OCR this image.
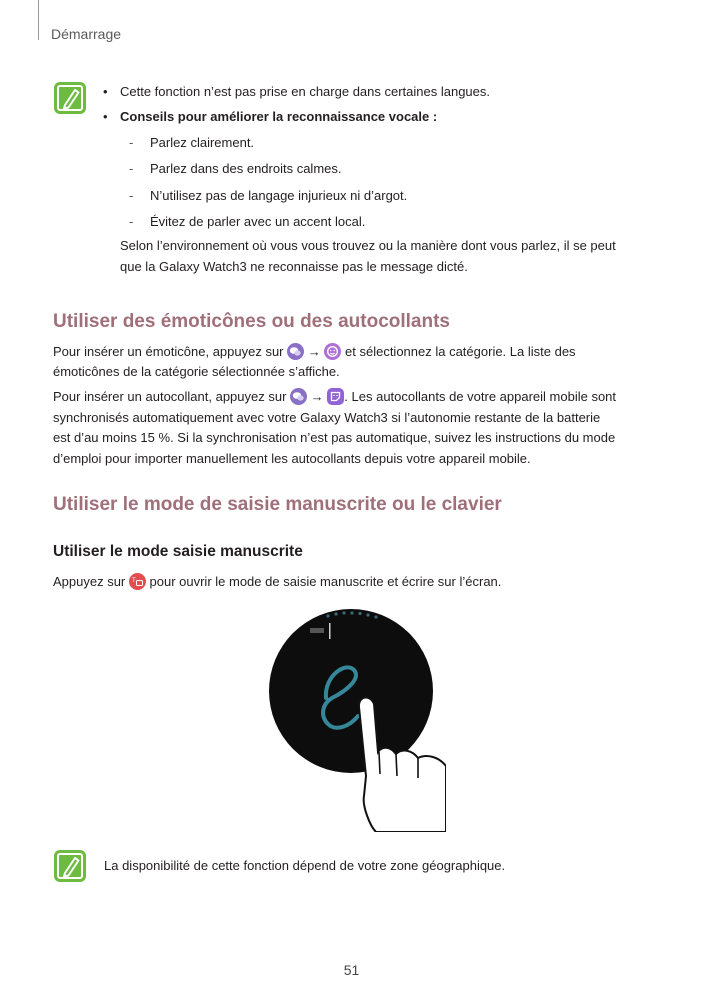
Démarrage
• Cette fonction n’est pas prise en charge dans certaines langues.
• Conseils pour améliorer la reconnaissance vocale :
- Parlez clairement.
- Parlez dans des endroits calmes.
- N’utilisez pas de langage injurieux ni d’argot.
- Évitez de parler avec un accent local.
Selon l’environnement où vous vous trouvez ou la manière dont vous parlez, il se peut
que la Galaxy Watch3 ne reconnaisse pas le message dicté.
Utiliser des émoticônes ou des autocollants
Pour insérer un émoticône, appuyez sur → et sélectionnez la catégorie. La liste des
émoticônes de la catégorie sélectionnée s’affiche.
Pour insérer un autocollant, appuyez sur → . Les autocollants de votre appareil mobile sont
synchronisés automatiquement avec votre Galaxy Watch3 si l’autonomie restante de la batterie
est d’au moins 15 %. Si la synchronisation n’est pas automatique, suivez les instructions du mode
d’emploi pour importer manuellement les autocollants depuis votre appareil mobile.
Utiliser le mode de saisie manuscrite ou le clavier
Utiliser le mode saisie manuscrite
Appuyez sur T pour ouvrir le mode de saisie manuscrite et écrire sur l’écran.
La disponibilité de cette fonction dépend de votre zone géographique.
51
